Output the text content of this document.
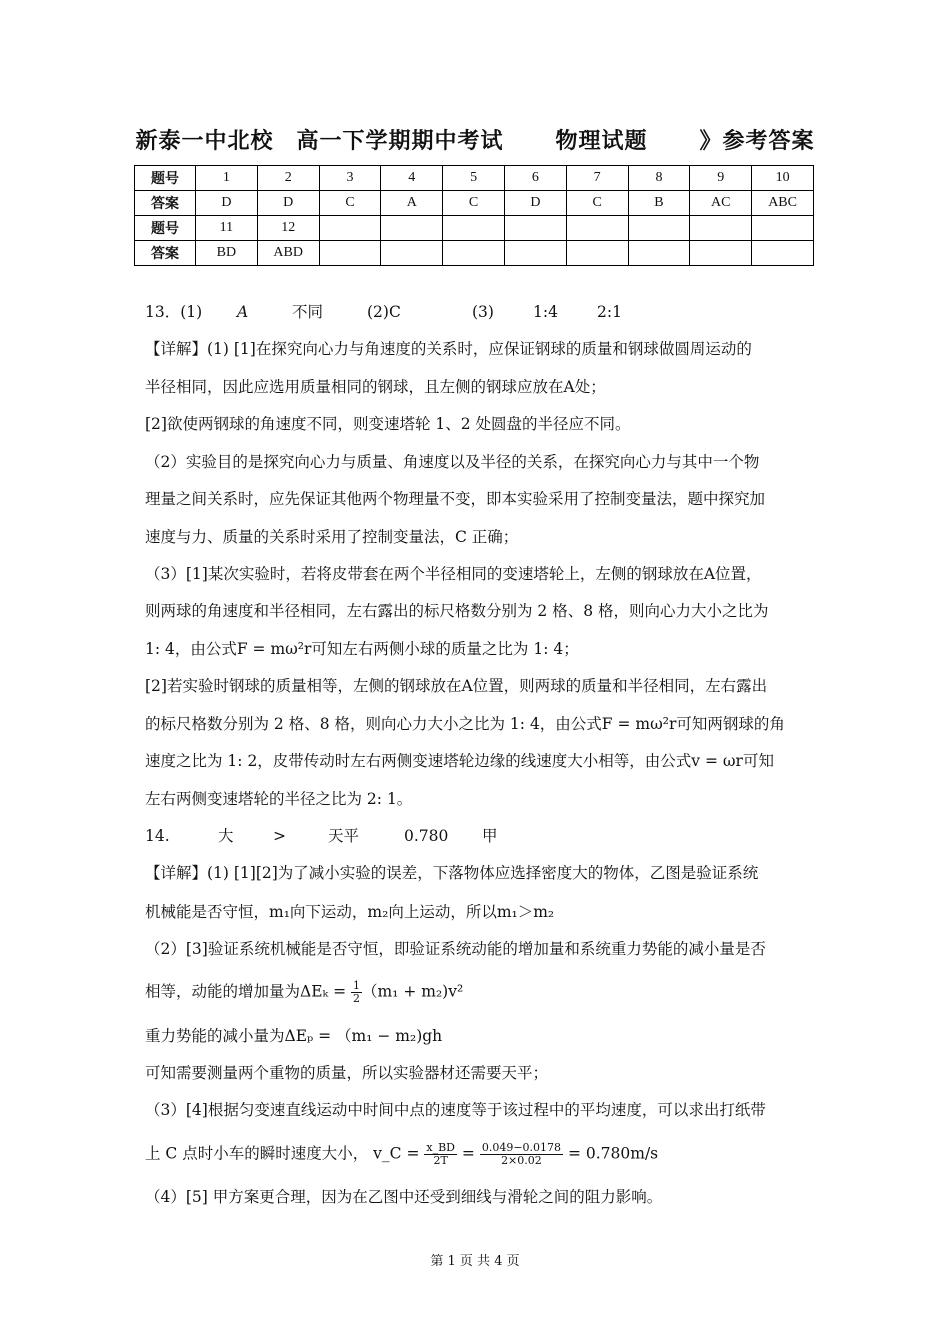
新泰一中北校　高一下学期期中考试 物理试题 》参考答案
题号	1	2	3	4	5	6	7	8	9	10
答案	D	D	C	A	C	D	C	B	AC	ABC
题号	11	12								
答案	BD	ABD								
13．(1) A	不同	(2)C	(3)	1:4	2:1
【详解】(1) [1]在探究向心力与角速度的关系时，应保证钢球的质量和钢球做圆周运动的
半径相同，因此应选用质量相同的钢球，且左侧的钢球应放在A处；
[2]欲使两钢球的角速度不同，则变速塔轮 1、2 处圆盘的半径应不同。
（2）实验目的是探究向心力与质量、角速度以及半径的关系，在探究向心力与其中一个物
理量之间关系时，应先保证其他两个物理量不变，即本实验采用了控制变量法，题中探究加
速度与力、质量的关系时采用了控制变量法，C 正确；
（3）[1]某次实验时，若将皮带套在两个半径相同的变速塔轮上，左侧的钢球放在A位置，
则两球的角速度和半径相同，左右露出的标尺格数分别为 2 格、8 格，则向心力大小之比为
1: 4，由公式F = mω²r可知左右两侧小球的质量之比为 1: 4；
[2]若实验时钢球的质量相等，左侧的钢球放在A位置，则两球的质量和半径相同，左右露出
的标尺格数分别为 2 格、8 格，则向心力大小之比为 1: 4，由公式F = mω²r可知两钢球的角
速度之比为 1: 2，皮带传动时左右两侧变速塔轮边缘的线速度大小相等，由公式v = ωr可知
左右两侧变速塔轮的半径之比为 2: 1。
14.	大	>	天平	0.780 甲
【详解】(1) [1][2]为了减小实验的误差，下落物体应选择密度大的物体，乙图是验证系统
机械能是否守恒，m₁向下运动，m₂向上运动，所以m₁＞m₂
（2）[3]验证系统机械能是否守恒，即验证系统动能的增加量和系统重力势能的减小量是否
相等，动能的增加量为$\Delta E_k = \frac{1}{2} (m_1 + m_2)v^2$
重力势能的减小量为ΔEₚ = （m₁ − m₂)gh
可知需要测量两个重物的质量，所以实验器材还需要天平；
（3）[4]根据匀变速直线运动中时间中点的速度等于该过程中的平均速度，可以求出打纸带
上 C 点时小车的瞬时速度大小， v_C = $\frac{x\_BD}{2T} = \frac{0.049-0.0178}{2\times 0.02} = 0.780m/s$
（4）[5] 甲方案更合理，因为在乙图中还受到细线与滑轮之间的阻力影响。
第 1 页 共 4 页
